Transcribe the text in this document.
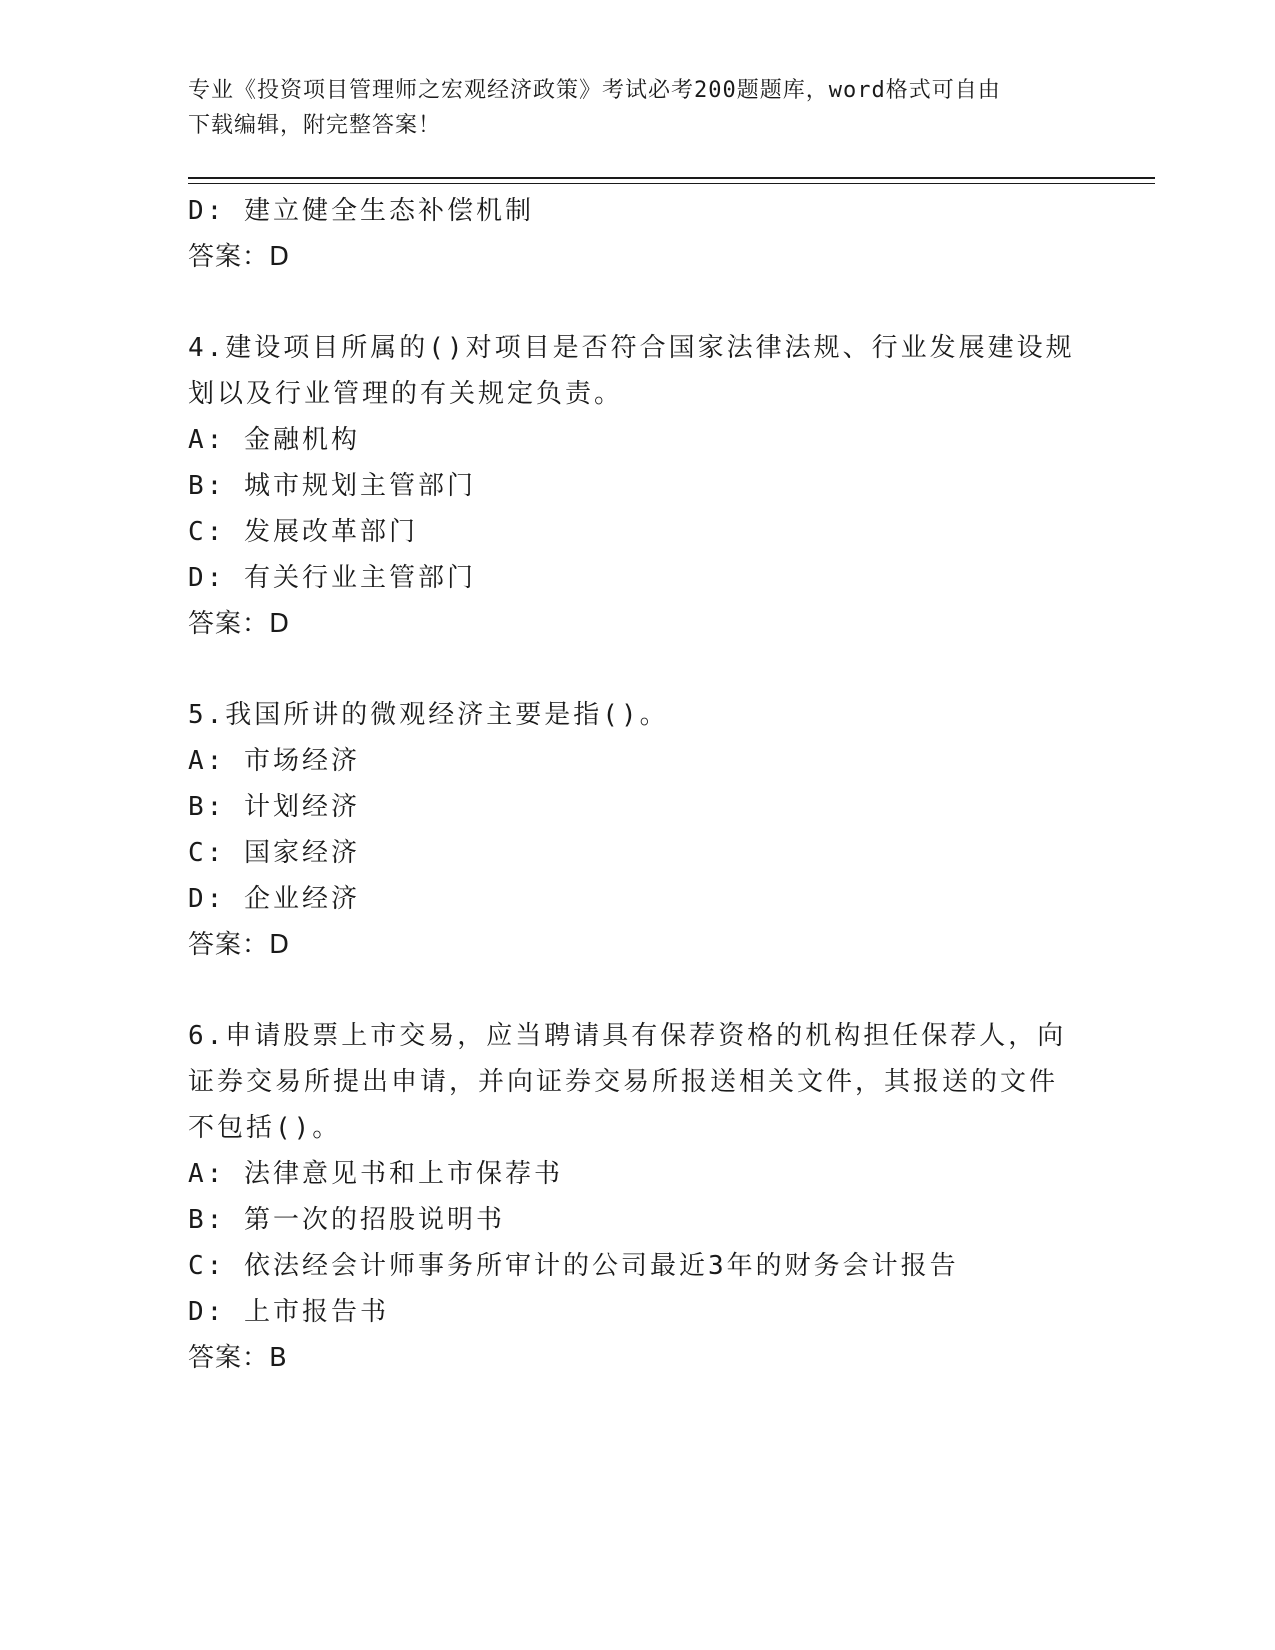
专业《投资项目管理师之宏观经济政策》考试必考200题题库，word格式可自由
下载编辑，附完整答案！
D: 建立健全生态补偿机制
答案：D
4.建设项目所属的()对项目是否符合国家法律法规、行业发展建设规
划以及行业管理的有关规定负责。
A: 金融机构
B: 城市规划主管部门
C: 发展改革部门
D: 有关行业主管部门
答案：D
5.我国所讲的微观经济主要是指()。
A: 市场经济
B: 计划经济
C: 国家经济
D: 企业经济
答案：D
6.申请股票上市交易，应当聘请具有保荐资格的机构担任保荐人，向
证券交易所提出申请，并向证券交易所报送相关文件，其报送的文件
不包括()。
A: 法律意见书和上市保荐书
B: 第一次的招股说明书
C: 依法经会计师事务所审计的公司最近3年的财务会计报告
D: 上市报告书
答案：B
